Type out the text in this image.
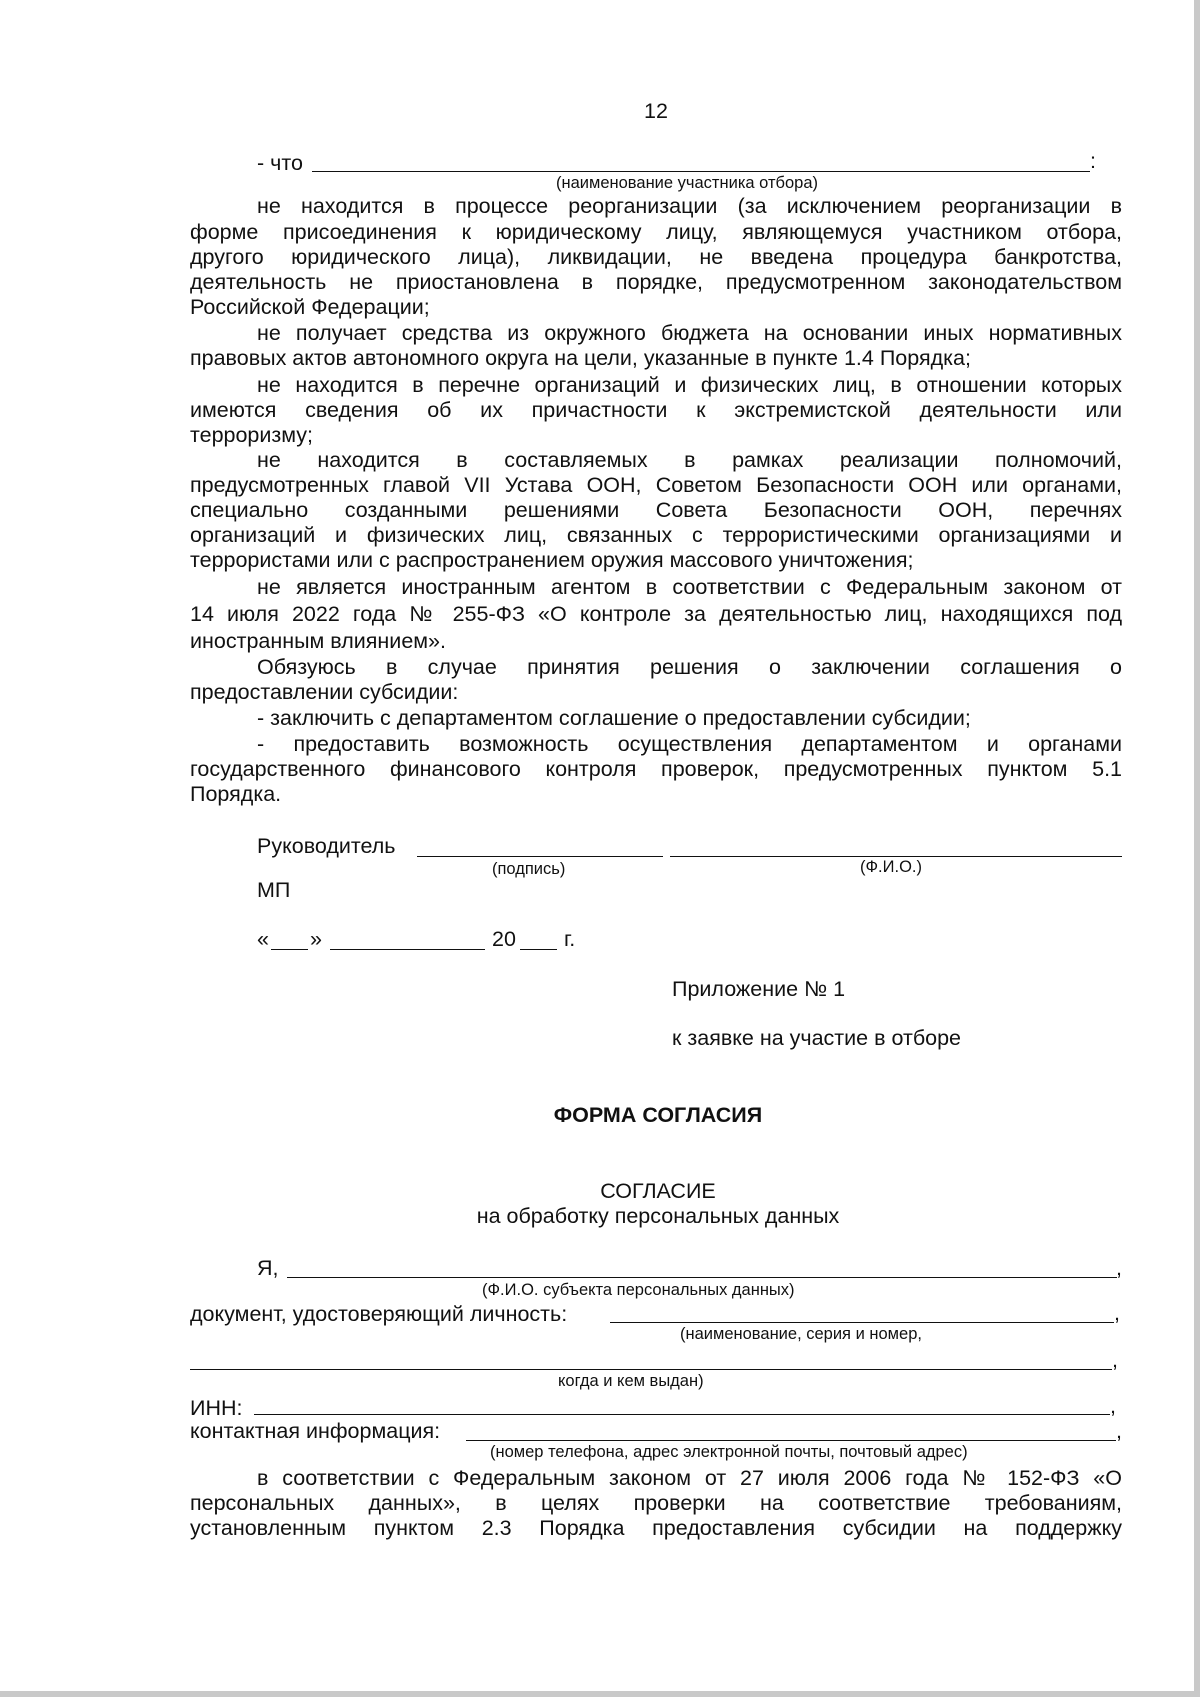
12
- что	:
(наименование участника отбора)
не находится в процессе реорганизации (за исключением реорганизации в
форме присоединения к юридическому лицу, являющемуся участником отбора,
другого юридического лица), ликвидации, не введена процедура банкротства,
деятельность не приостановлена в порядке, предусмотренном законодательством
Российской Федерации;
не получает средства из окружного бюджета на основании иных нормативных
правовых актов автономного округа на цели, указанные в пункте 1.4 Порядка;
не находится в перечне организаций и физических лиц, в отношении которых
имеются сведения об их причастности к экстремистской деятельности или
терроризму;
не находится в составляемых в рамках реализации полномочий,
предусмотренных главой VII Устава ООН, Советом Безопасности ООН или органами,
специально созданными решениями Совета Безопасности ООН, перечнях
организаций и физических лиц, связанных с террористическими организациями и
террористами или с распространением оружия массового уничтожения;
не является иностранным агентом в соответствии с Федеральным законом от
14 июля 2022 года № 255-ФЗ «О контроле за деятельностью лиц, находящихся под
иностранным влиянием».
Обязуюсь в случае принятия решения о заключении соглашения о
предоставлении субсидии:
- заключить с департаментом соглашение о предоставлении субсидии;
- предоставить возможность осуществления департаментом и органами
государственного финансового контроля проверок, предусмотренных пунктом 5.1
Порядка.
Руководитель
(подпись)	(Ф.И.О.)
МП
« »	20 г.
Приложение № 1
к заявке на участие в отборе
ФОРМА СОГЛАСИЯ
СОГЛАСИЕ
на обработку персональных данных
Я,	,
(Ф.И.О. субъекта персональных данных)
документ, удостоверяющий личность:	,
(наименование, серия и номер,
,
когда и кем выдан)
ИНН:	,
контактная информация:	,
(номер телефона, адрес электронной почты, почтовый адрес)
в соответствии с Федеральным законом от 27 июля 2006 года № 152-ФЗ «О
персональных данных», в целях проверки на соответствие требованиям,
установленным пунктом 2.3 Порядка предоставления субсидии на поддержку
